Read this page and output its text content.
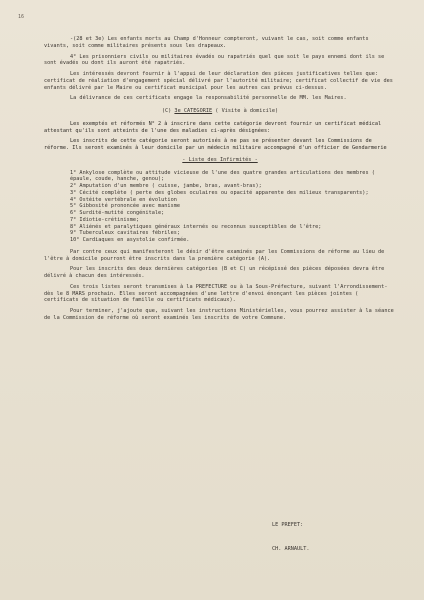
16

-(28 et 3e) Les enfants morts au Champ d'Honneur compteront, vuivant le cas, soit comme enfants vivants, soit comme militaires présents sous les drapeaux.

4° Les prisonniers civils ou militaires évadés ou rapatriés quel que soit le pays ennemi dont ils se sont évadés ou dont ils auront été rapatriés.

Les intéressés devront fournir à l'appui de leur déclaration des pièces justificatives telles que: certificat de réaliation d'engagement spécial délivré par l'autorité militaire; certificat collectif de vie des enfants délivré par le Maire ou certificat municipal pour les autres cas prévus ci-dessus.

La délivrance de ces certificats engage la responsabilité personnelle de MM. les Maires.

(C) 3e CATEGORIE ( Visite à domicile)

Les exemptés et réformés N° 2 à inscrire dans cette catégorie devront fournir un certificat médical attestant qu'ils sont atteints de l'une des maladies ci-après désignées:

Les inscrits de cette catégorie seront autorisés à ne pas se présenter devant les Commissions de réforme. Ils seront examinés à leur domicile par un médecin militaire accompagné d'un officier de Gendarmerie

- Liste des Infirmités -
1° Ankylose complète ou attitude vicieuse de l'une des quatre grandes articulations des membres ( épaule, coude, hanche, genou);
2° Amputation d'un membre ( cuisse, jambe, bras, avant-bras);
3° Cécité complète ( perte des globes oculaires ou opacité apparente des milieux transparents);
4° Ostéite vertébrale en évolution
5° Gibbosité prononcée avec manisme
6° Surdité-mutité congénitale;
7° Idiotie-crétinisme;
8° Aliénés et paralytiques généraux internés ou reconnus susceptibles de l'être;
9° Tuberculeux cavitaires fébriles;
10° Cardiaques en asystolie confirmée.

Par contre ceux qui manifesteront le désir d'être examinés par les Commissions de réforme au lieu de l'être à domicile pourront être inscrits dans la première catégorie (A).

Pour les inscrits des deux dernières catégories (B et C) un récépissé des pièces déposées devra être délivré à chacun des intéressés.

Ces trois listes seront transmises à la PREFECTURE ou à la Sous-Préfecture, suivant l'Arrondissement- dès le 8 MARS prochain. Elles seront accompagnées d'une lettre d'envoi énonçant les pièces jointes ( certificats de situation de famille ou certificats médicaux).

Pour terminer, j'ajoute que, suivant les instructions Ministérielles, vous pourrez assister à la séance de la Commission de réforme où seront examinés les inscrits de votre Commune.

LE PREFET:
CH. ARNAULT.
